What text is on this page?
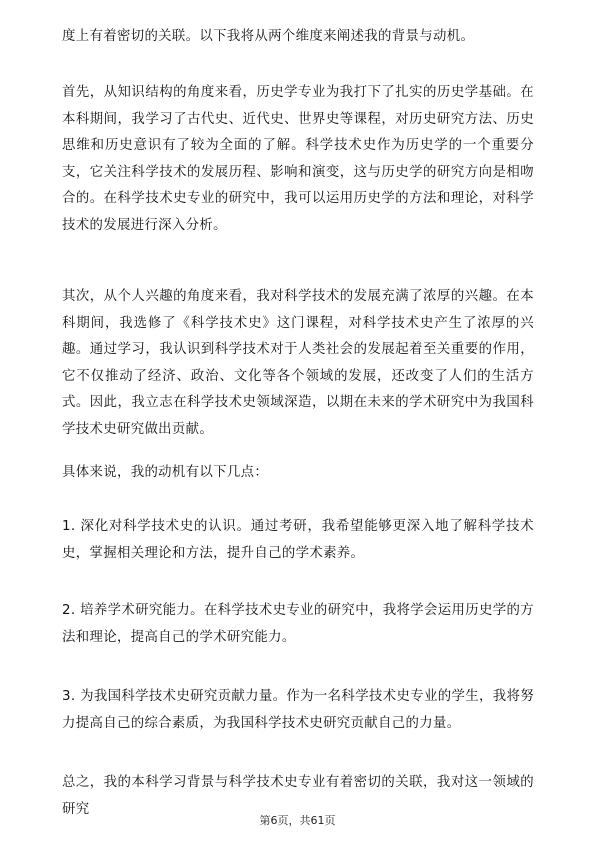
度上有着密切的关联。以下我将从两个维度来阐述我的背景与动机。

首先，从知识结构的角度来看，历史学专业为我打下了扎实的历史学基础。在本科期间，我学习了古代史、近代史、世界史等课程，对历史研究方法、历史思维和历史意识有了较为全面的了解。科学技术史作为历史学的一个重要分支，它关注科学技术的发展历程、影响和演变，这与历史学的研究方向是相吻合的。在科学技术史专业的研究中，我可以运用历史学的方法和理论，对科学技术的发展进行深入分析。

其次，从个人兴趣的角度来看，我对科学技术的发展充满了浓厚的兴趣。在本科期间，我选修了《科学技术史》这门课程，对科学技术史产生了浓厚的兴趣。通过学习，我认识到科学技术对于人类社会的发展起着至关重要的作用，它不仅推动了经济、政治、文化等各个领域的发展，还改变了人们的生活方式。因此，我立志在科学技术史领域深造，以期在未来的学术研究中为我国科学技术史研究做出贡献。

具体来说，我的动机有以下几点：

1. 深化对科学技术史的认识。通过考研，我希望能够更深入地了解科学技术史，掌握相关理论和方法，提升自己的学术素养。

2. 培养学术研究能力。在科学技术史专业的研究中，我将学会运用历史学的方法和理论，提高自己的学术研究能力。

3. 为我国科学技术史研究贡献力量。作为一名科学技术史专业的学生，我将努力提高自己的综合素质，为我国科学技术史研究贡献自己的力量。

总之，我的本科学习背景与科学技术史专业有着密切的关联，我对这一领域的研究

第6页，共61页
